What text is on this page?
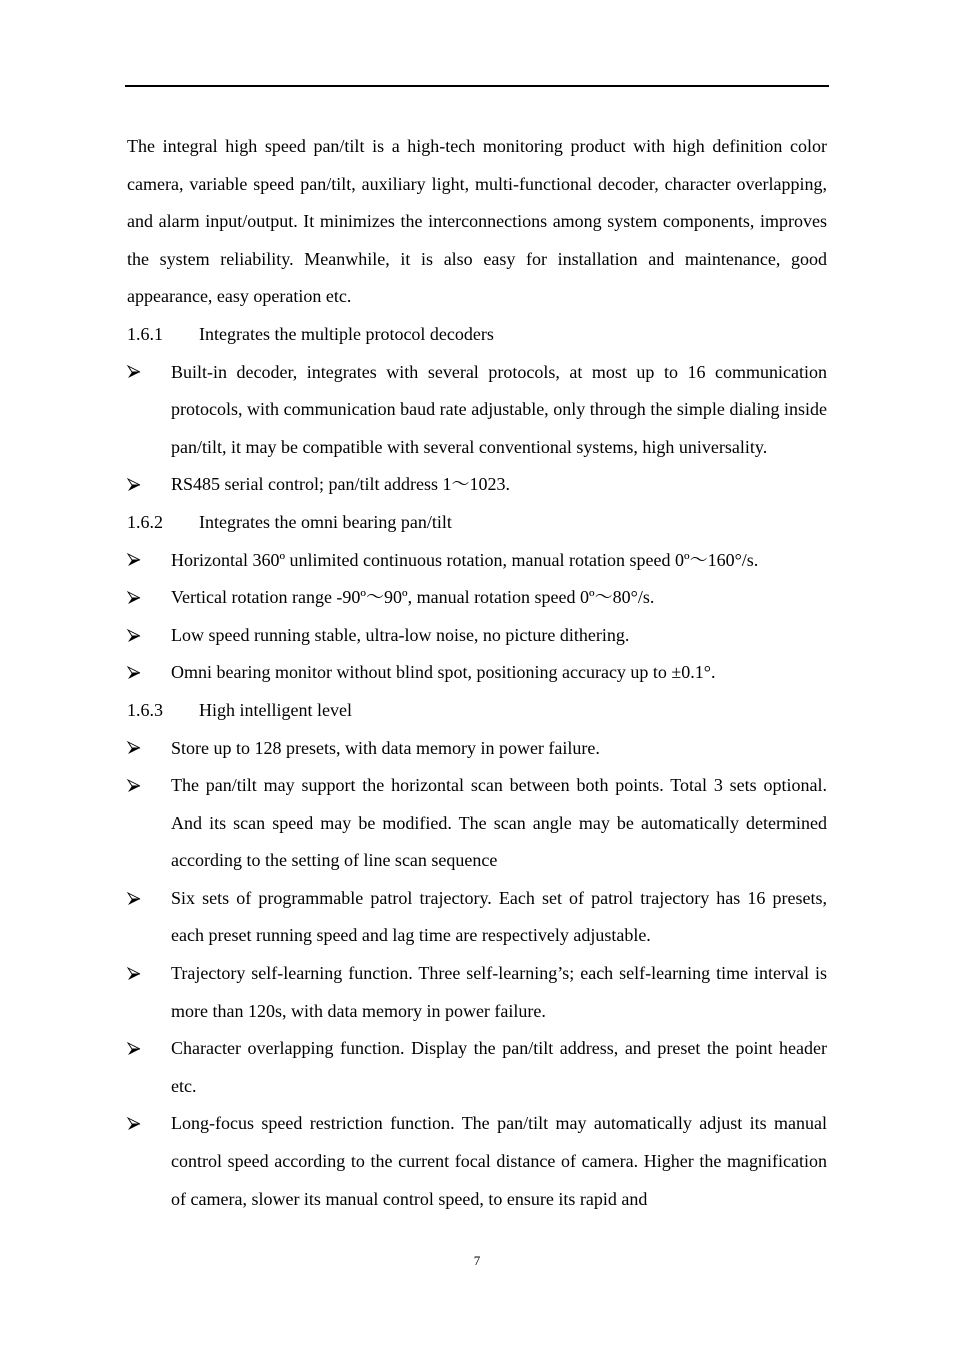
The integral high speed pan/tilt is a high-tech monitoring product with high definition color camera, variable speed pan/tilt, auxiliary light, multi-functional decoder, character overlapping, and alarm input/output. It minimizes the interconnections among system components, improves the system reliability. Meanwhile, it is also easy for installation and maintenance, good appearance, easy operation etc.

1.6.1 Integrates the multiple protocol decoders

Built-in decoder, integrates with several protocols, at most up to 16 communication protocols, with communication baud rate adjustable, only through the simple dialing inside pan/tilt, it may be compatible with several conventional systems, high universality.

RS485 serial control; pan/tilt address 1～1023.

1.6.2 Integrates the omni bearing pan/tilt

Horizontal 360º unlimited continuous rotation, manual rotation speed 0º～160°/s.

Vertical rotation range -90º～90º, manual rotation speed 0º～80°/s.

Low speed running stable, ultra-low noise, no picture dithering.

Omni bearing monitor without blind spot, positioning accuracy up to ±0.1°.

1.6.3 High intelligent level

Store up to 128 presets, with data memory in power failure.

The pan/tilt may support the horizontal scan between both points. Total 3 sets optional. And its scan speed may be modified. The scan angle may be automatically determined according to the setting of line scan sequence

Six sets of programmable patrol trajectory. Each set of patrol trajectory has 16 presets, each preset running speed and lag time are respectively adjustable.

Trajectory self-learning function. Three self-learning’s; each self-learning time interval is more than 120s, with data memory in power failure.

Character overlapping function. Display the pan/tilt address, and preset the point header etc.

Long-focus speed restriction function. The pan/tilt may automatically adjust its manual control speed according to the current focal distance of camera. Higher the magnification of camera, slower its manual control speed, to ensure its rapid and

7
